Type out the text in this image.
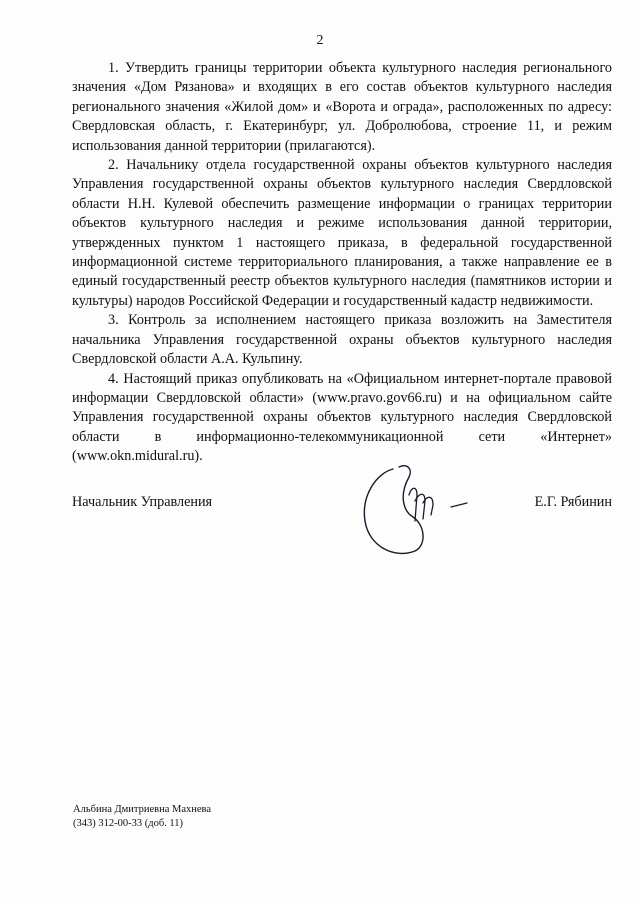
2

1. Утвердить границы территории объекта культурного наследия регионального значения «Дом Рязанова» и входящих в его состав объектов культурного наследия регионального значения «Жилой дом» и «Ворота и ограда», расположенных по адресу: Свердловская область, г. Екатеринбург, ул. Добролюбова, строение 11, и режим использования данной территории (прилагаются).

2. Начальнику отдела государственной охраны объектов культурного наследия Управления государственной охраны объектов культурного наследия Свердловской области Н.Н. Кулевой обеспечить размещение информации о границах территории объектов культурного наследия и режиме использования данной территории, утвержденных пунктом 1 настоящего приказа, в федеральной государственной информационной системе территориального планирования, а также направление ее в единый государственный реестр объектов культурного наследия (памятников истории и культуры) народов Российской Федерации и государственный кадастр недвижимости.

3. Контроль за исполнением настоящего приказа возложить на Заместителя начальника Управления государственной охраны объектов культурного наследия Свердловской области А.А. Кульпину.

4. Настоящий приказ опубликовать на «Официальном интернет-портале правовой информации Свердловской области» (www.pravo.gov66.ru) и на официальном сайте Управления государственной охраны объектов культурного наследия Свердловской области в информационно-телекоммуникационной сети «Интернет» (www.okn.midural.ru).

Начальник Управления	Е.Г. Рябинин
Альбина Дмитриевна Махнева
(343) 312-00-33 (доб. 11)
